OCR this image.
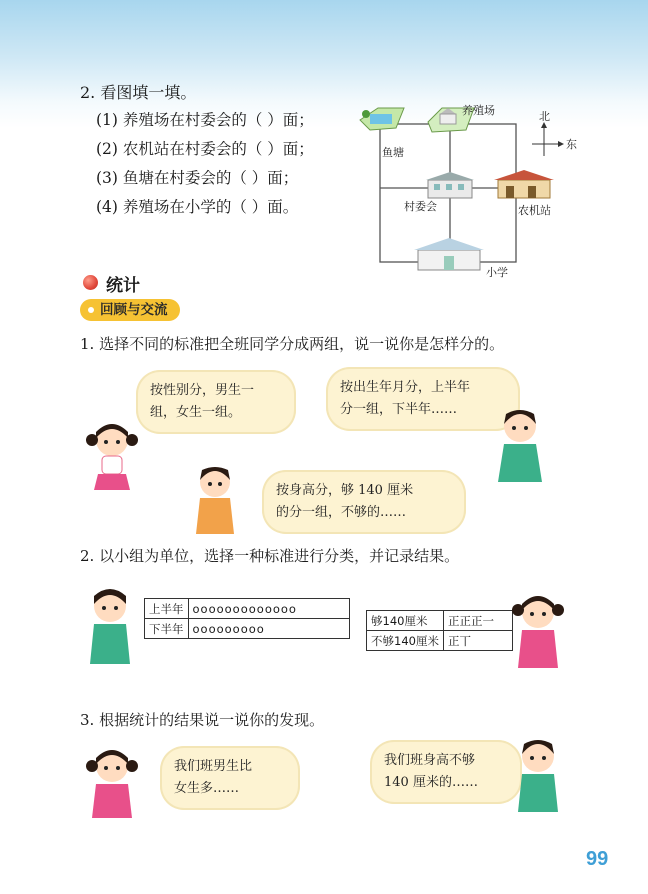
2. 看图填一填。
(1) 养殖场在村委会的（ ）面；
(2) 农机站在村委会的（ ）面；
(3) 鱼塘在村委会的（ ）面；
(4) 养殖场在小学的（ ）面。
鱼塘
养殖场
村委会	农机站
小学
北
东
统计
回顾与交流
1. 选择不同的标准把全班同学分成两组，说一说你是怎样分的。
按性别分，男生一
组，女生一组。
按出生年月分，上半年
分一组，下半年……
按身高分，够 140 厘米
的分一组，不够的……
2. 以小组为单位，选择一种标准进行分类，并记录结果。
上半年	ooooooooooooo
下半年	ooooooooo
够140厘米	正正正一
不够140厘米	正丅
3. 根据统计的结果说一说你的发现。
我们班男生比
女生多……
我们班身高不够
140 厘米的……
99
